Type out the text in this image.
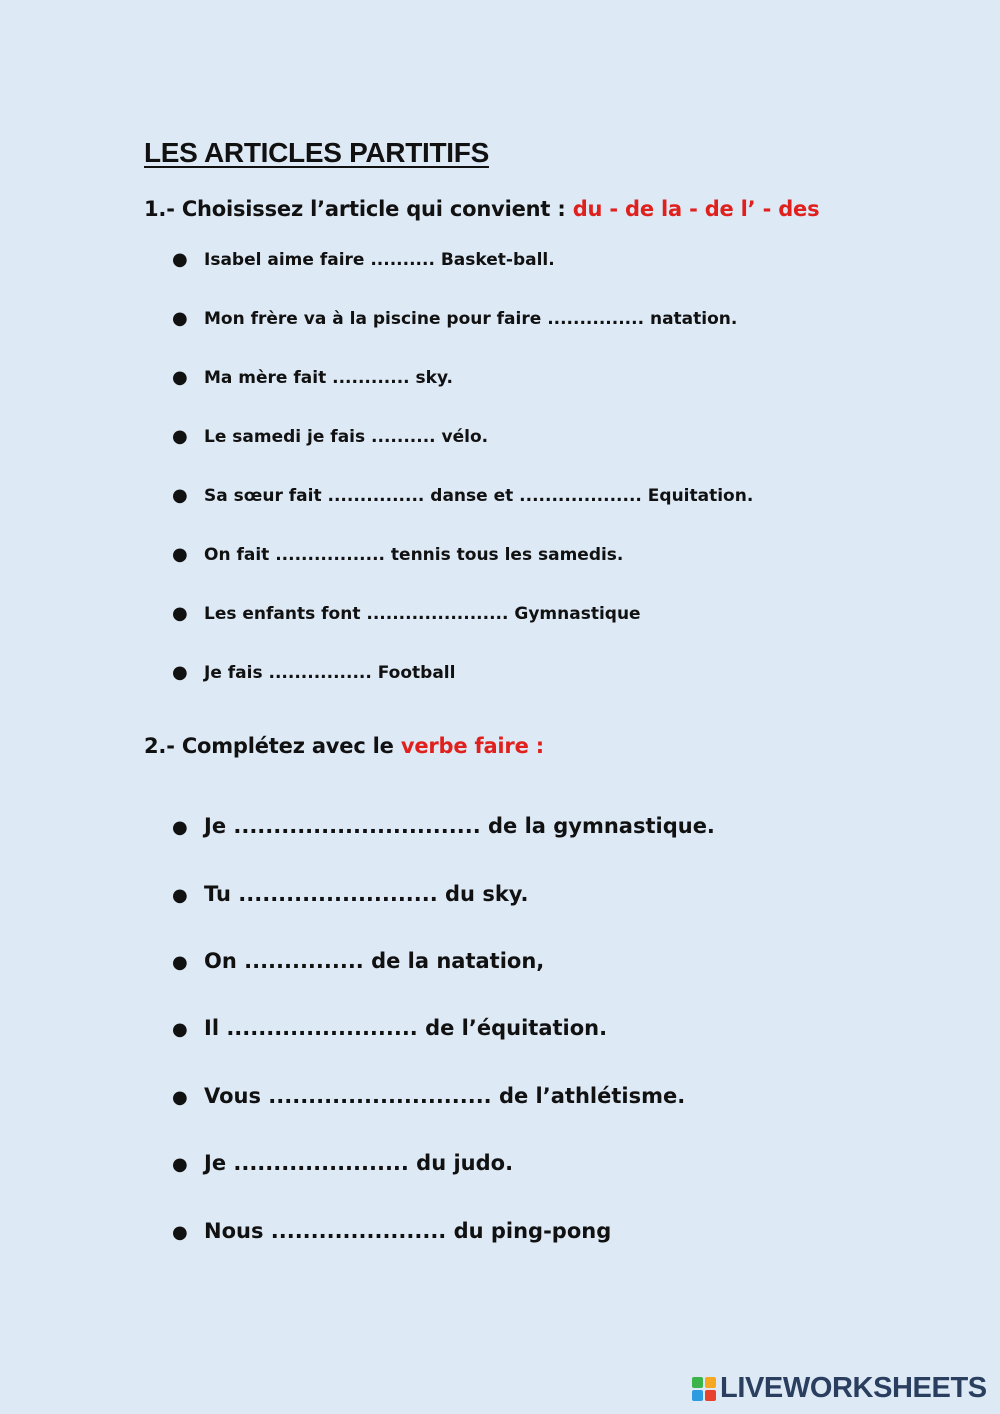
LES ARTICLES PARTITIFS
1.- Choisissez l’article qui convient : du - de la - de l’ - des
● Isabel aime faire .......... Basket-ball.
● Mon frère va à la piscine pour faire ............... natation.
● Ma mère fait ............ sky.
● Le samedi je fais .......... vélo.
● Sa sœur fait ............... danse et ................... Equitation.
● On fait ................. tennis tous les samedis.
● Les enfants font ...................... Gymnastique
● Je fais ................ Football
2.- Complétez avec le verbe faire :
● Je ............................... de la gymnastique.
● Tu ......................... du sky.
● On ............... de la natation,
● Il ........................ de l’équitation.
● Vous ............................ de l’athlétisme.
● Je ...................... du judo.
● Nous ...................... du ping-pong
LIVEWORKSHEETS
